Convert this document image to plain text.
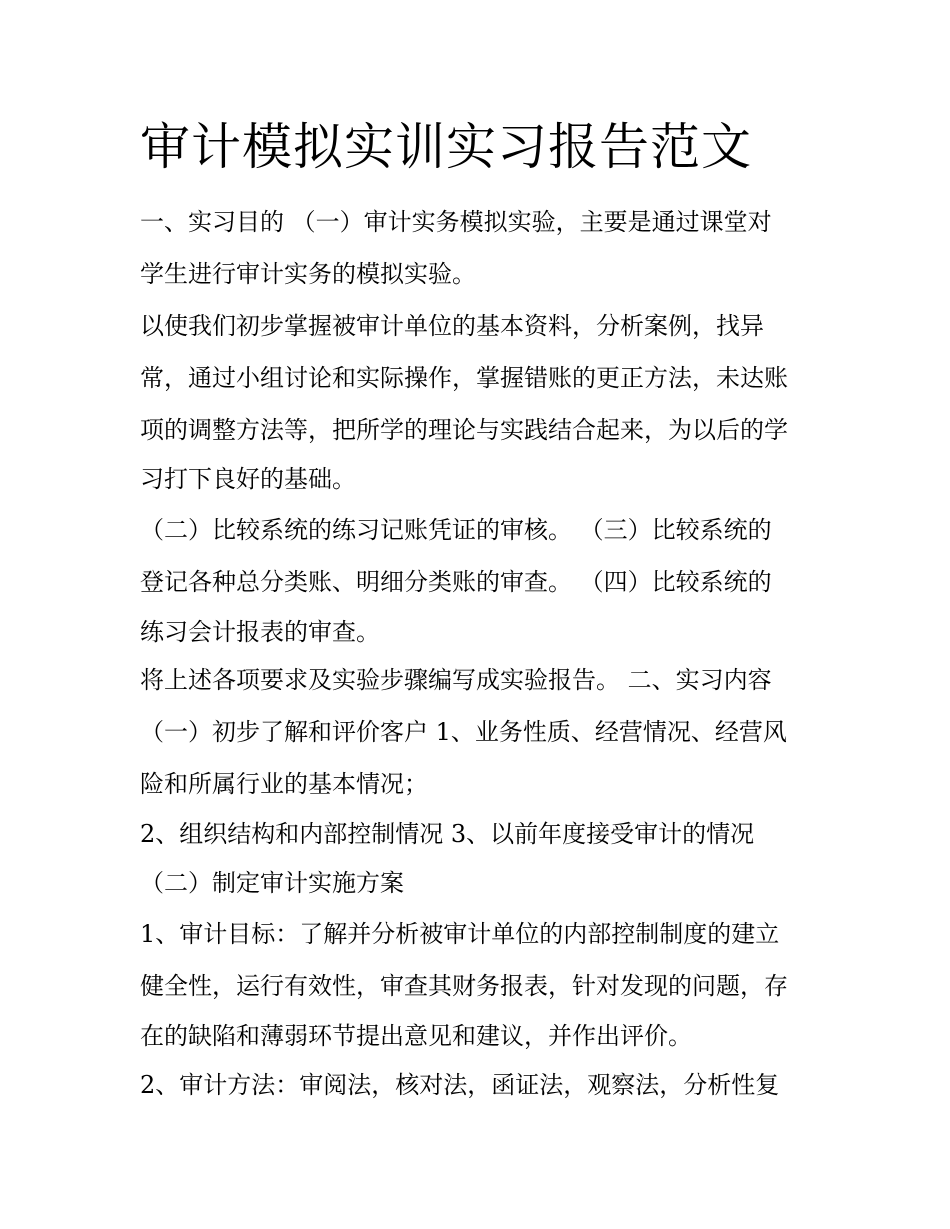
审计模拟实训实习报告范文
一、实习目的 （一）审计实务模拟实验，主要是通过课堂对
学生进行审计实务的模拟实验。
以使我们初步掌握被审计单位的基本资料，分析案例，找异
常，通过小组讨论和实际操作，掌握错账的更正方法，未达账
项的调整方法等，把所学的理论与实践结合起来，为以后的学
习打下良好的基础。
（二）比较系统的练习记账凭证的审核。 （三）比较系统的
登记各种总分类账、明细分类账的审查。 （四）比较系统的
练习会计报表的审查。
将上述各项要求及实验步骤编写成实验报告。 二、实习内容
（一）初步了解和评价客户 1、业务性质、经营情况、经营风
险和所属行业的基本情况；
2、组织结构和内部控制情况 3、以前年度接受审计的情况
（二）制定审计实施方案
1、审计目标：了解并分析被审计单位的内部控制制度的建立
健全性，运行有效性，审查其财务报表，针对发现的问题，存
在的缺陷和薄弱环节提出意见和建议，并作出评价。
2、审计方法：审阅法，核对法，函证法，观察法，分析性复
